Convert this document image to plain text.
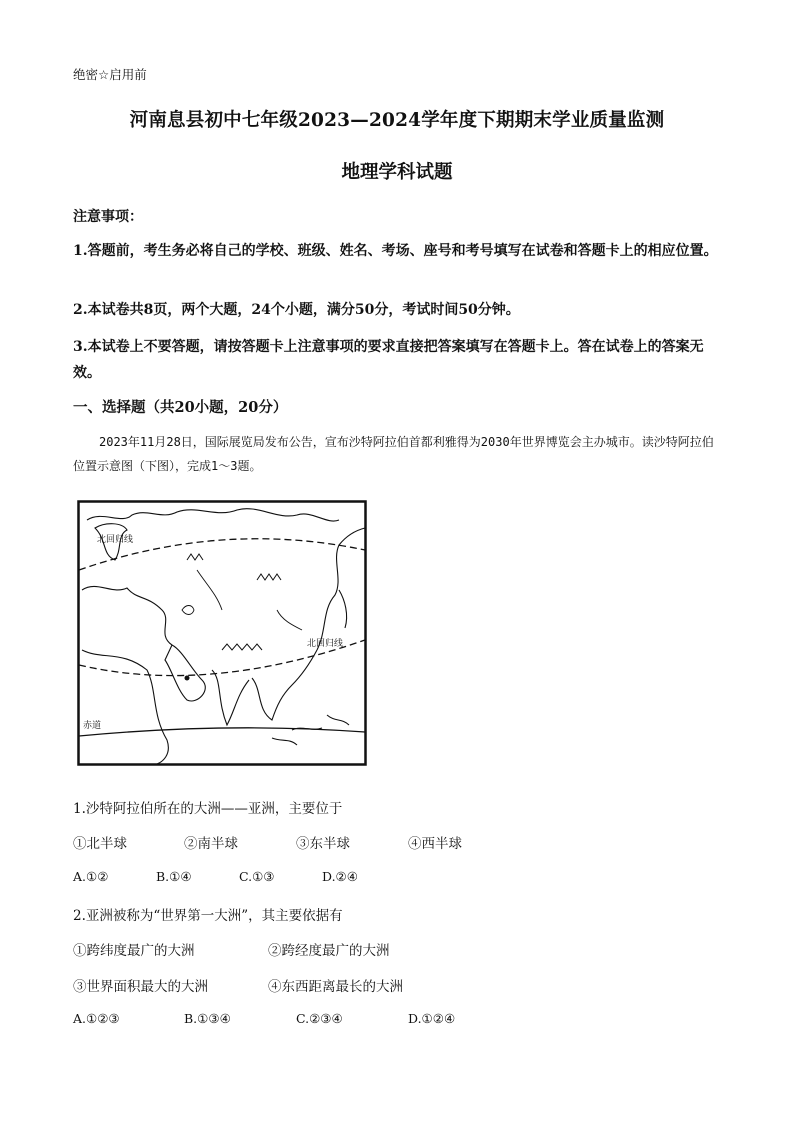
绝密☆启用前
河南息县初中七年级2023—2024学年度下期期末学业质量监测
地理学科试题
注意事项：
1.答题前，考生务必将自己的学校、班级、姓名、考场、座号和考号填写在试卷和答题卡上的相应位置。
2.本试卷共8页，两个大题，24个小题，满分50分，考试时间50分钟。
3.本试卷上不要答题，请按答题卡上注意事项的要求直接把答案填写在答题卡上。答在试卷上的答案无效。
一、选择题（共20小题，20分）
2023年11月28日，国际展览局发布公告，宣布沙特阿拉伯首都利雅得为2030年世界博览会主办城市。读沙特阿拉伯位置示意图（下图），完成1～3题。
北回归线
赤道
北回归线
1.沙特阿拉伯所在的大洲——亚洲，主要位于
①北半球	②南半球	③东半球	④西半球
A.①②	B.①④	C.①③	D.②④
2.亚洲被称为“世界第一大洲”，其主要依据有
①跨纬度最广的大洲	②跨经度最广的大洲
③世界面积最大的大洲	④东西距离最长的大洲
A.①②③	B.①③④	C.②③④	D.①②④
